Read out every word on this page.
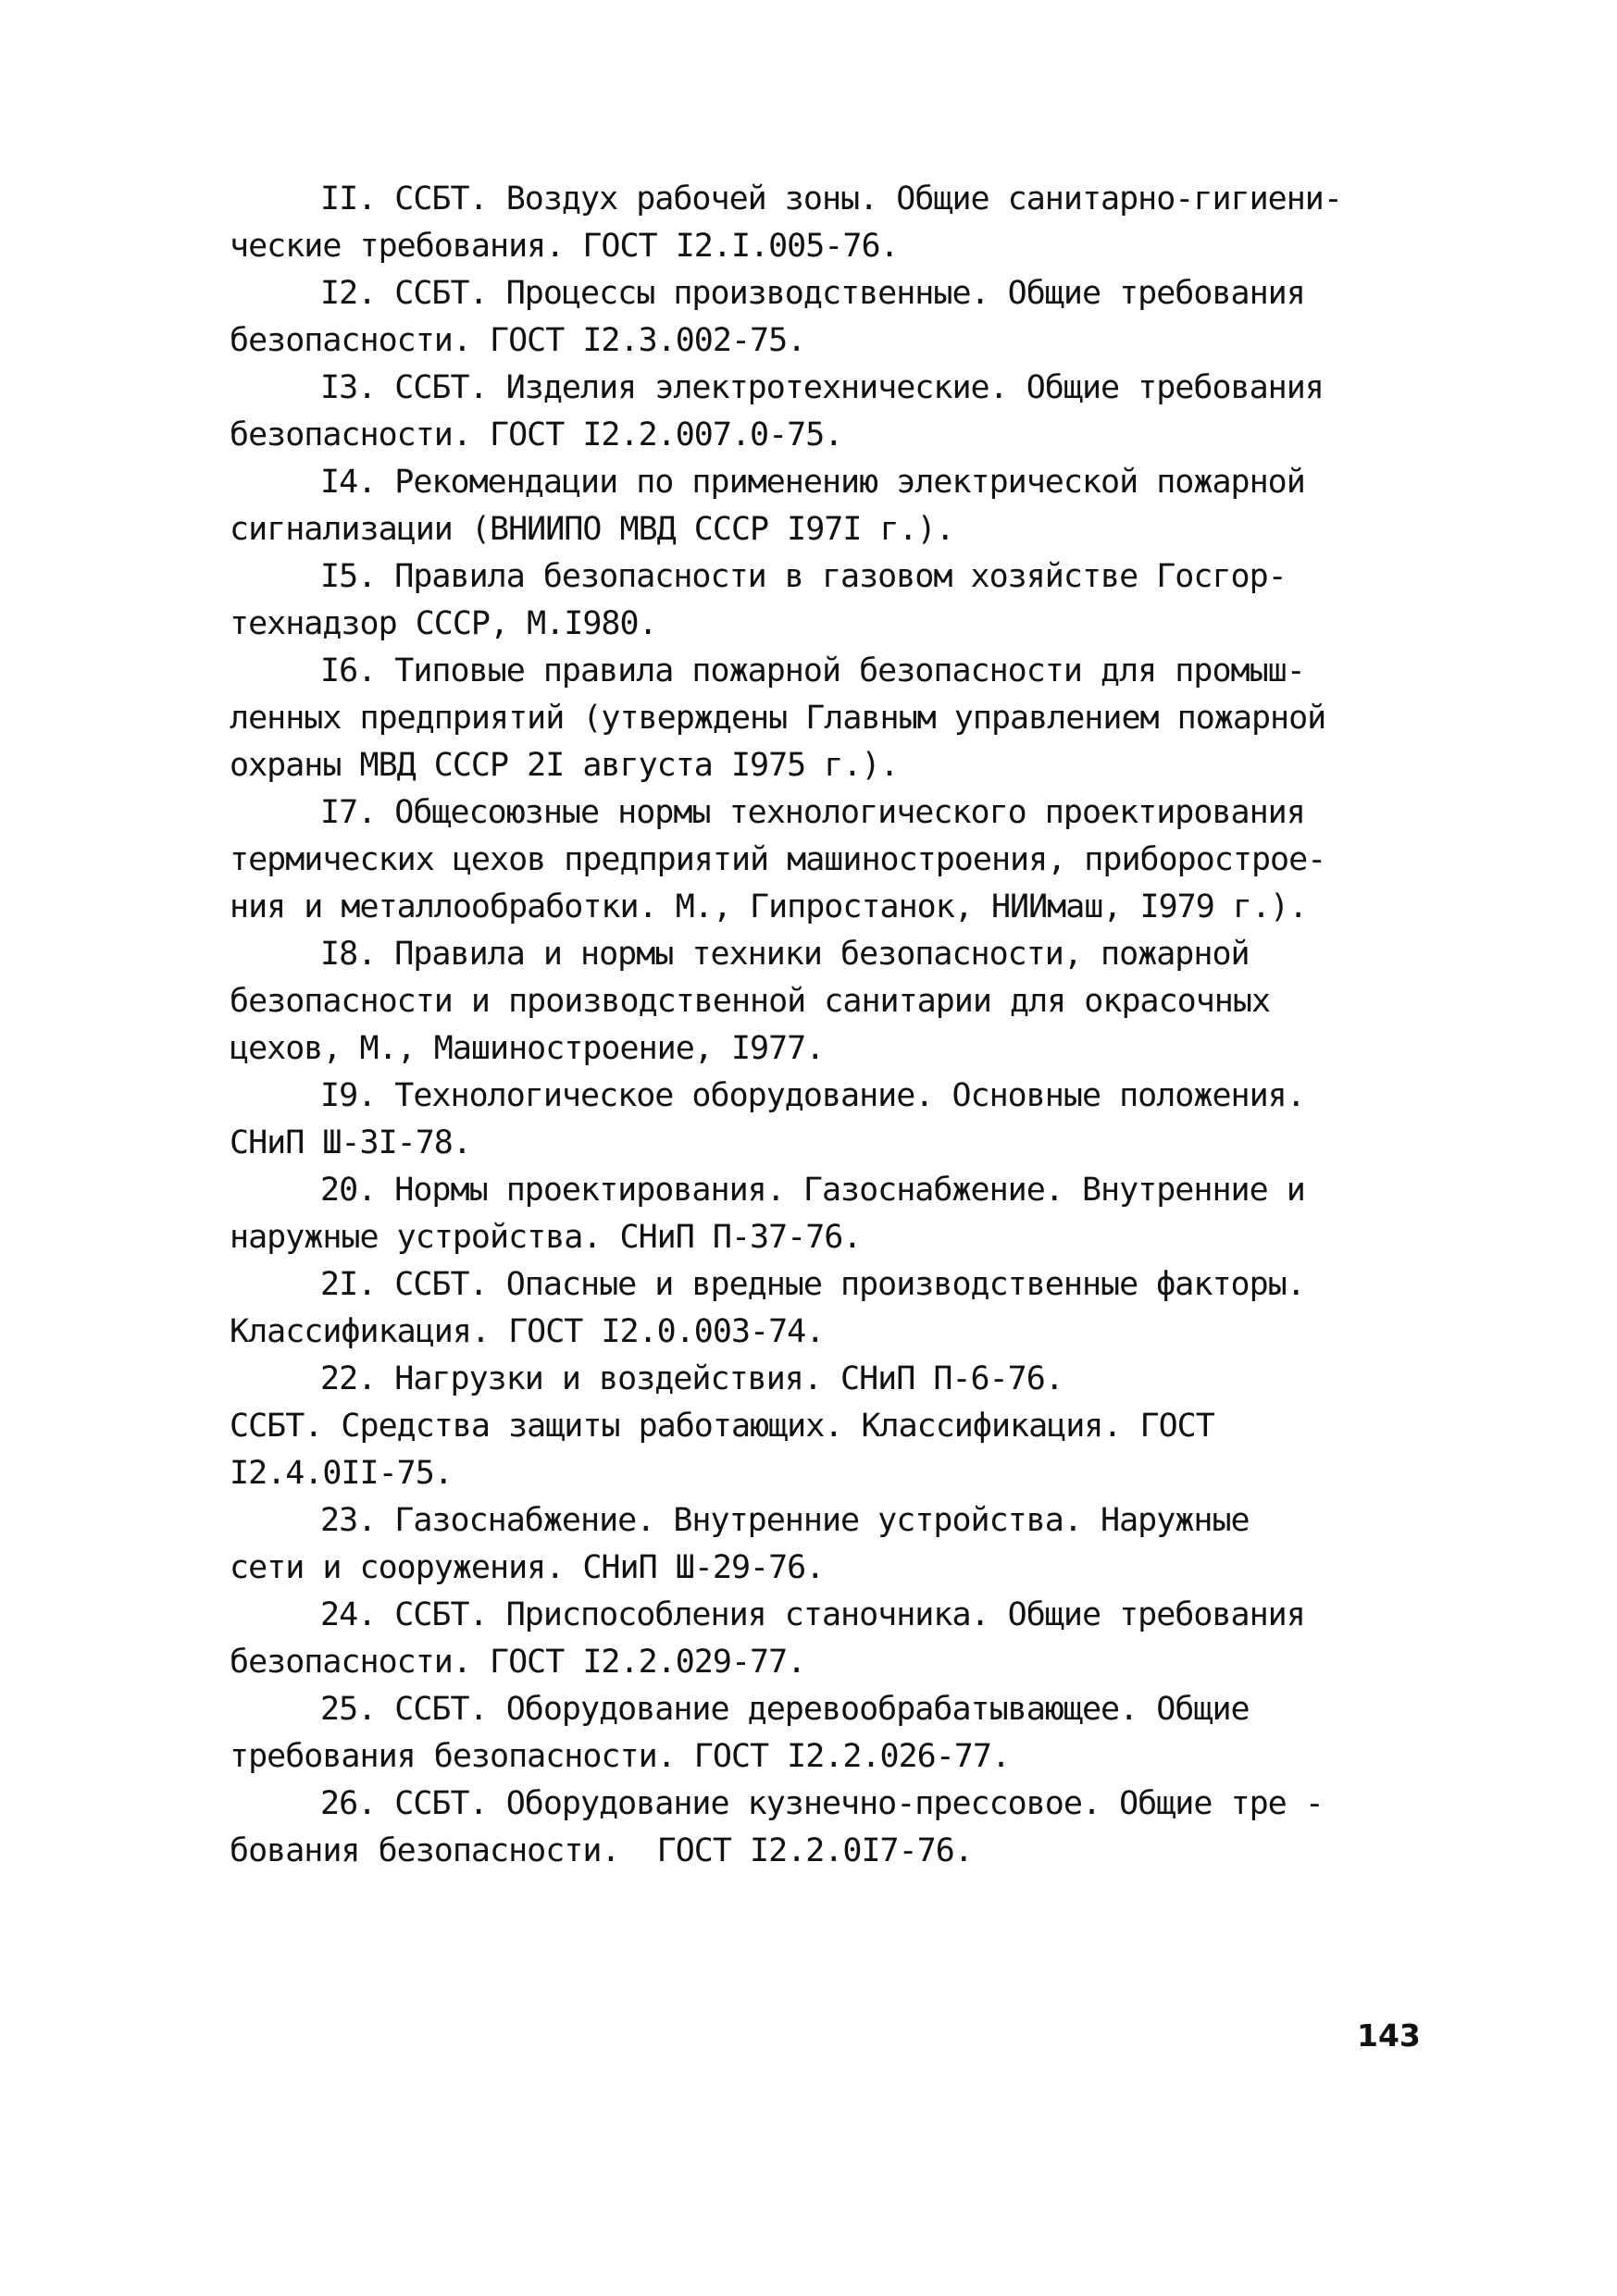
II. ССБТ. Воздух рабочей зоны. Общие санитарно-гигиени-
ческие требования. ГОСТ I2.I.005-76.
I2. ССБТ. Процессы производственные. Общие требования
безопасности. ГОСТ I2.3.002-75.
I3. ССБТ. Изделия электротехнические. Общие требования
безопасности. ГОСТ I2.2.007.0-75.
I4. Рекомендации по применению электрической пожарной
сигнализации (ВНИИПО МВД СССР I97I г.).
I5. Правила безопасности в газовом хозяйстве Госгор-
технадзор СССР, М.I980.
I6. Типовые правила пожарной безопасности для промыш-
ленных предприятий (утверждены Главным управлением пожарной
охраны МВД СССР 2I августа I975 г.).
I7. Общесоюзные нормы технологического проектирования
термических цехов предприятий машиностроения, приборострое-
ния и металлообработки. М., Гипростанок, НИИмаш, I979 г.).
I8. Правила и нормы техники безопасности, пожарной
безопасности и производственной санитарии для окрасочных
цехов, М., Машиностроение, I977.
I9. Технологическое оборудование. Основные положения.
СНиП Ш-3I-78.
20. Нормы проектирования. Газоснабжение. Внутренние и
наружные устройства. СНиП П-37-76.
2I. ССБТ. Опасные и вредные производственные факторы.
Классификация. ГОСТ I2.0.003-74.
22. Нагрузки и воздействия. СНиП П-6-76.
ССБТ. Средства защиты работающих. Классификация. ГОСТ
I2.4.0II-75.
23. Газоснабжение. Внутренние устройства. Наружные
сети и сооружения. СНиП Ш-29-76.
24. ССБТ. Приспособления станочника. Общие требования
безопасности. ГОСТ I2.2.029-77.
25. ССБТ. Оборудование деревообрабатывающее. Общие
требования безопасности. ГОСТ I2.2.026-77.
26. ССБТ. Оборудование кузнечно-прессовое. Общие тре -
бования безопасности.  ГОСТ I2.2.0I7-76.
143
